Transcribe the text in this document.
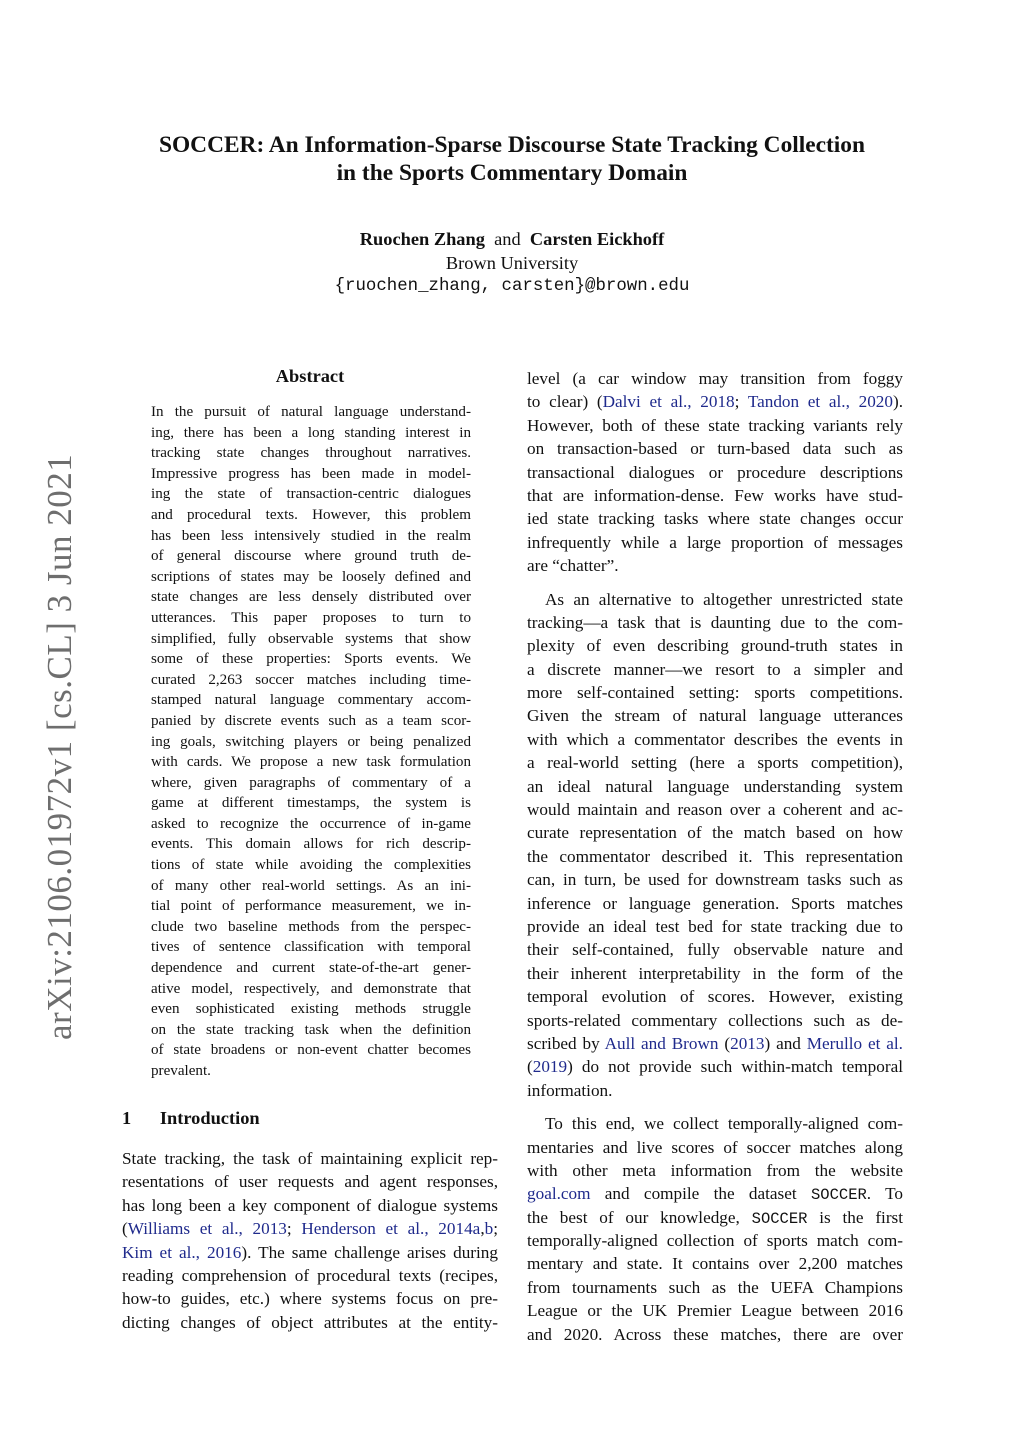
arXiv:2106.01972v1 [cs.CL] 3 Jun 2021
SOCCER: An Information-Sparse Discourse State Tracking Collection
in the Sports Commentary Domain
Ruochen Zhang and Carsten Eickhoff
Brown University
{ruochen_zhang, carsten}@brown.edu
Abstract
In the pursuit of natural language understand-
ing, there has been a long standing interest in
tracking state changes throughout narratives.
Impressive progress has been made in model-
ing the state of transaction-centric dialogues
and procedural texts. However, this problem
has been less intensively studied in the realm
of general discourse where ground truth de-
scriptions of states may be loosely defined and
state changes are less densely distributed over
utterances. This paper proposes to turn to
simplified, fully observable systems that show
some of these properties: Sports events. We
curated 2,263 soccer matches including time-
stamped natural language commentary accom-
panied by discrete events such as a team scor-
ing goals, switching players or being penalized
with cards. We propose a new task formulation
where, given paragraphs of commentary of a
game at different timestamps, the system is
asked to recognize the occurrence of in-game
events. This domain allows for rich descrip-
tions of state while avoiding the complexities
of many other real-world settings. As an ini-
tial point of performance measurement, we in-
clude two baseline methods from the perspec-
tives of sentence classification with temporal
dependence and current state-of-the-art gener-
ative model, respectively, and demonstrate that
even sophisticated existing methods struggle
on the state tracking task when the definition
of state broadens or non-event chatter becomes
prevalent.
1 Introduction
State tracking, the task of maintaining explicit rep-
resentations of user requests and agent responses,
has long been a key component of dialogue systems
(Williams et al., 2013; Henderson et al., 2014a,b;
Kim et al., 2016). The same challenge arises during
reading comprehension of procedural texts (recipes,
how-to guides, etc.) where systems focus on pre-
dicting changes of object attributes at the entity-
level (a car window may transition from foggy
to clear) (Dalvi et al., 2018; Tandon et al., 2020).
However, both of these state tracking variants rely
on transaction-based or turn-based data such as
transactional dialogues or procedure descriptions
that are information-dense. Few works have stud-
ied state tracking tasks where state changes occur
infrequently while a large proportion of messages
are “chatter”.
As an alternative to altogether unrestricted state
tracking—a task that is daunting due to the com-
plexity of even describing ground-truth states in
a discrete manner—we resort to a simpler and
more self-contained setting: sports competitions.
Given the stream of natural language utterances
with which a commentator describes the events in
a real-world setting (here a sports competition),
an ideal natural language understanding system
would maintain and reason over a coherent and ac-
curate representation of the match based on how
the commentator described it. This representation
can, in turn, be used for downstream tasks such as
inference or language generation. Sports matches
provide an ideal test bed for state tracking due to
their self-contained, fully observable nature and
their inherent interpretability in the form of the
temporal evolution of scores. However, existing
sports-related commentary collections such as de-
scribed by Aull and Brown (2013) and Merullo et al.
(2019) do not provide such within-match temporal
information.
To this end, we collect temporally-aligned com-
mentaries and live scores of soccer matches along
with other meta information from the website
goal.com and compile the dataset SOCCER. To
the best of our knowledge, SOCCER is the first
temporally-aligned collection of sports match com-
mentary and state. It contains over 2,200 matches
from tournaments such as the UEFA Champions
League or the UK Premier League between 2016
and 2020. Across these matches, there are over
